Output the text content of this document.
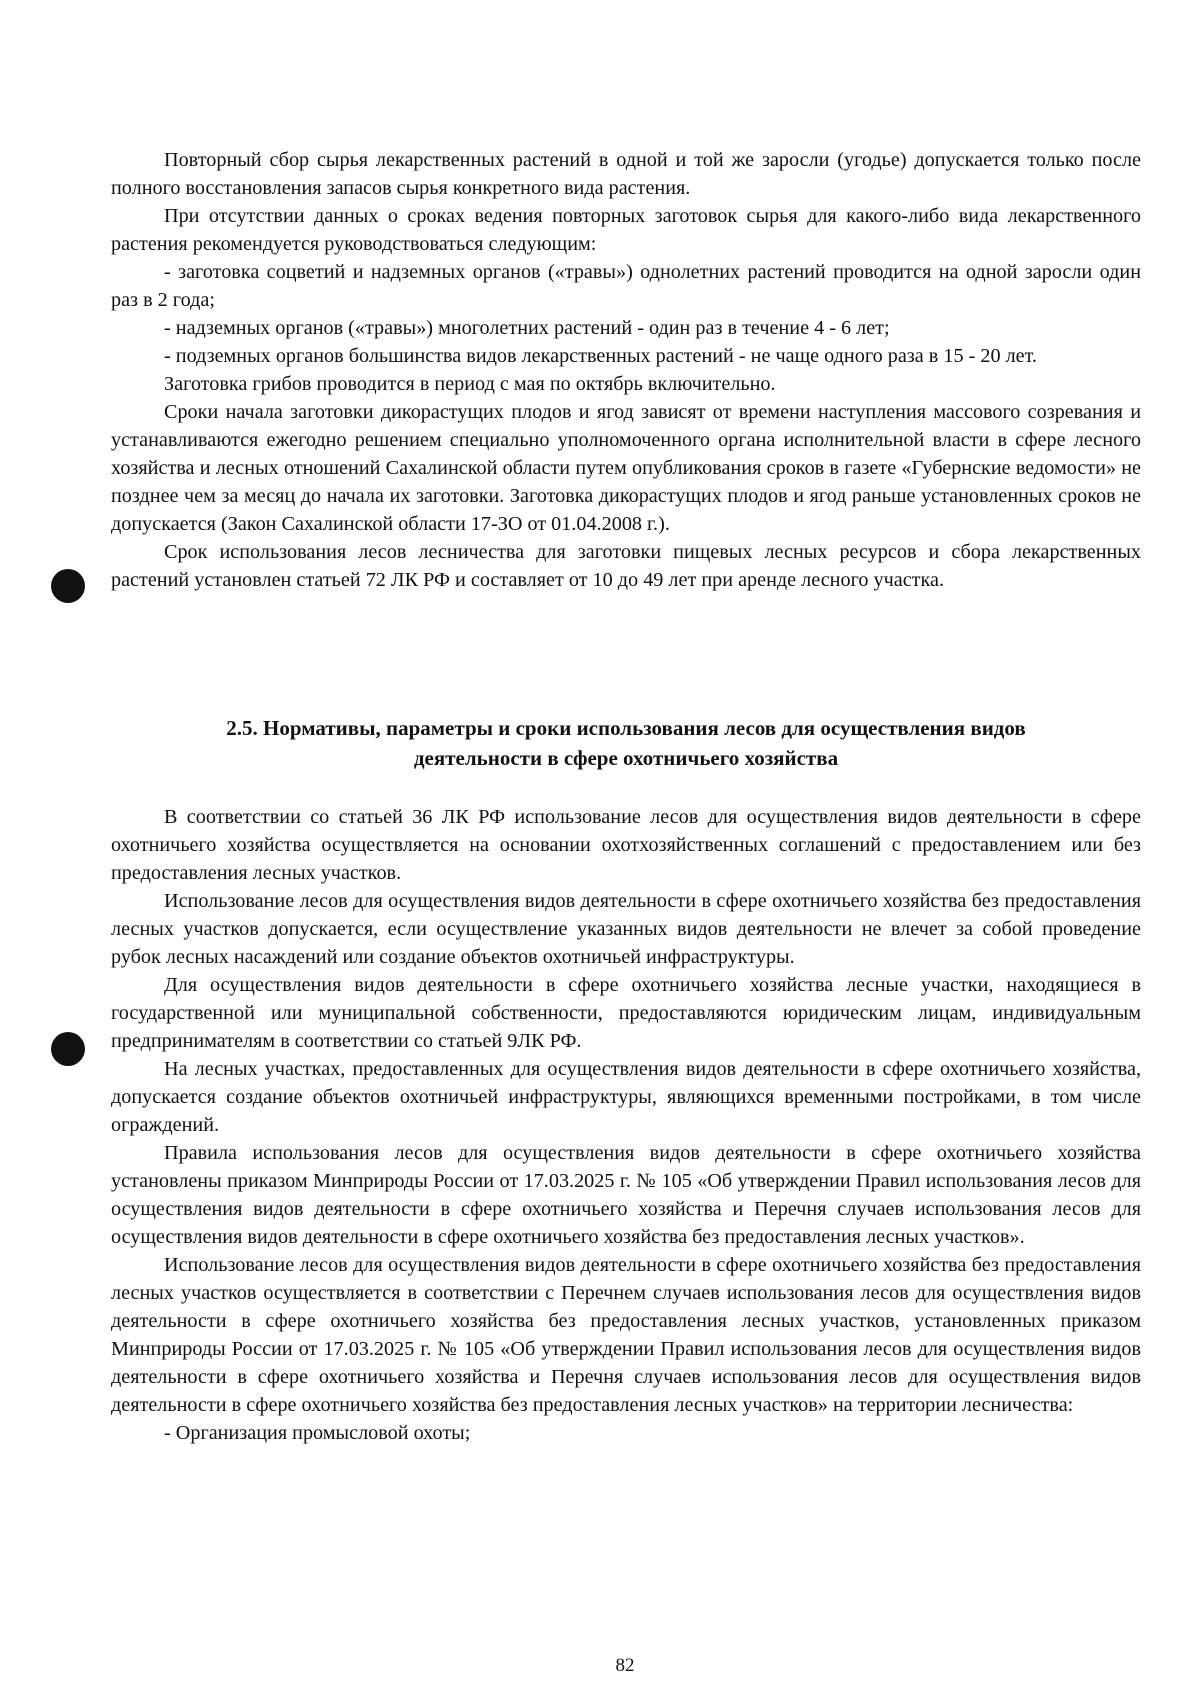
Повторный сбор сырья лекарственных растений в одной и той же заросли (угодье) допускается только после полного восстановления запасов сырья конкретного вида растения.

При отсутствии данных о сроках ведения повторных заготовок сырья для какого-либо вида лекарственного растения рекомендуется руководствоваться следующим:

- заготовка соцветий и надземных органов («травы») однолетних растений проводится на одной заросли один раз в 2 года;

- надземных органов («травы») многолетних растений - один раз в течение 4 - 6 лет;

- подземных органов большинства видов лекарственных растений - не чаще одного раза в 15 - 20 лет.

Заготовка грибов проводится в период с мая по октябрь включительно.

Сроки начала заготовки дикорастущих плодов и ягод зависят от времени наступления массового созревания и устанавливаются ежегодно решением специально уполномоченного органа исполнительной власти в сфере лесного хозяйства и лесных отношений Сахалинской области путем опубликования сроков в газете «Губернские ведомости» не позднее чем за месяц до начала их заготовки. Заготовка дикорастущих плодов и ягод раньше установленных сроков не допускается (Закон Сахалинской области 17-ЗО от 01.04.2008 г.).

Срок использования лесов лесничества для заготовки пищевых лесных ресурсов и сбора лекарственных растений установлен статьей 72 ЛК РФ и составляет от 10 до 49 лет при аренде лесного участка.

2.5. Нормативы, параметры и сроки использования лесов для осуществления видов
деятельности в сфере охотничьего хозяйства

В соответствии со статьей 36 ЛК РФ использование лесов для осуществления видов деятельности в сфере охотничьего хозяйства осуществляется на основании охотхозяйственных соглашений с предоставлением или без предоставления лесных участков.

Использование лесов для осуществления видов деятельности в сфере охотничьего хозяйства без предоставления лесных участков допускается, если осуществление указанных видов деятельности не влечет за собой проведение рубок лесных насаждений или создание объектов охотничьей инфраструктуры.

Для осуществления видов деятельности в сфере охотничьего хозяйства лесные участки, находящиеся в государственной или муниципальной собственности, предоставляются юридическим лицам, индивидуальным предпринимателям в соответствии со статьей 9ЛК РФ.

На лесных участках, предоставленных для осуществления видов деятельности в сфере охотничьего хозяйства, допускается создание объектов охотничьей инфраструктуры, являющихся временными постройками, в том числе ограждений.

Правила использования лесов для осуществления видов деятельности в сфере охотничьего хозяйства установлены приказом Минприроды России от 17.03.2025 г. № 105 «Об утверждении Правил использования лесов для осуществления видов деятельности в сфере охотничьего хозяйства и Перечня случаев использования лесов для осуществления видов деятельности в сфере охотничьего хозяйства без предоставления лесных участков».

Использование лесов для осуществления видов деятельности в сфере охотничьего хозяйства без предоставления лесных участков осуществляется в соответствии с Перечнем случаев использования лесов для осуществления видов деятельности в сфере охотничьего хозяйства без предоставления лесных участков, установленных приказом Минприроды России от 17.03.2025 г. № 105 «Об утверждении Правил использования лесов для осуществления видов деятельности в сфере охотничьего хозяйства и Перечня случаев использования лесов для осуществления видов деятельности в сфере охотничьего хозяйства без предоставления лесных участков» на территории лесничества:

- Организация промысловой охоты;

82
